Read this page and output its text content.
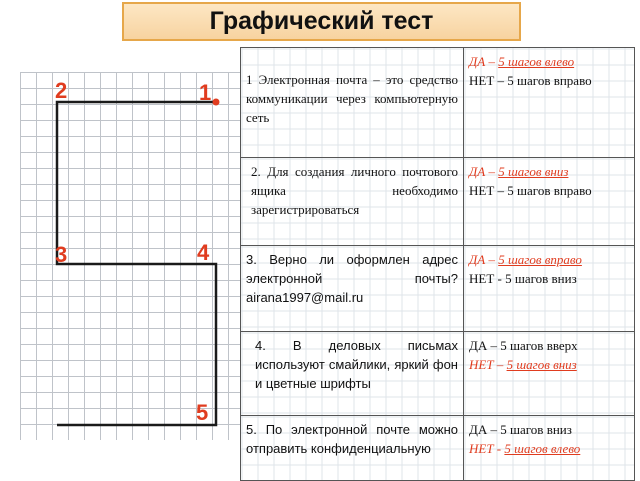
Графический тест
2	1
3	4
5
1 Электронная почта – это средство коммуникации через компьютерную сеть	ДА – 5 шагов влево
НЕТ – 5 шагов вправо

2. Для создания личного почтового ящика необходимо зарегистрироваться	ДА – 5 шагов вниз
НЕТ – 5 шагов вправо

3. Верно ли оформлен адрес электронной почты? airana1997@mail.ru	ДА – 5 шагов вправо
НЕТ - 5 шагов вниз

4. В деловых письмах используют смайлики, яркий фон и цветные шрифты	ДА – 5 шагов вверх
НЕТ – 5 шагов вниз

5. По электронной почте можно отправить конфиденциальную	ДА – 5 шагов вниз
НЕТ - 5 шагов влево
